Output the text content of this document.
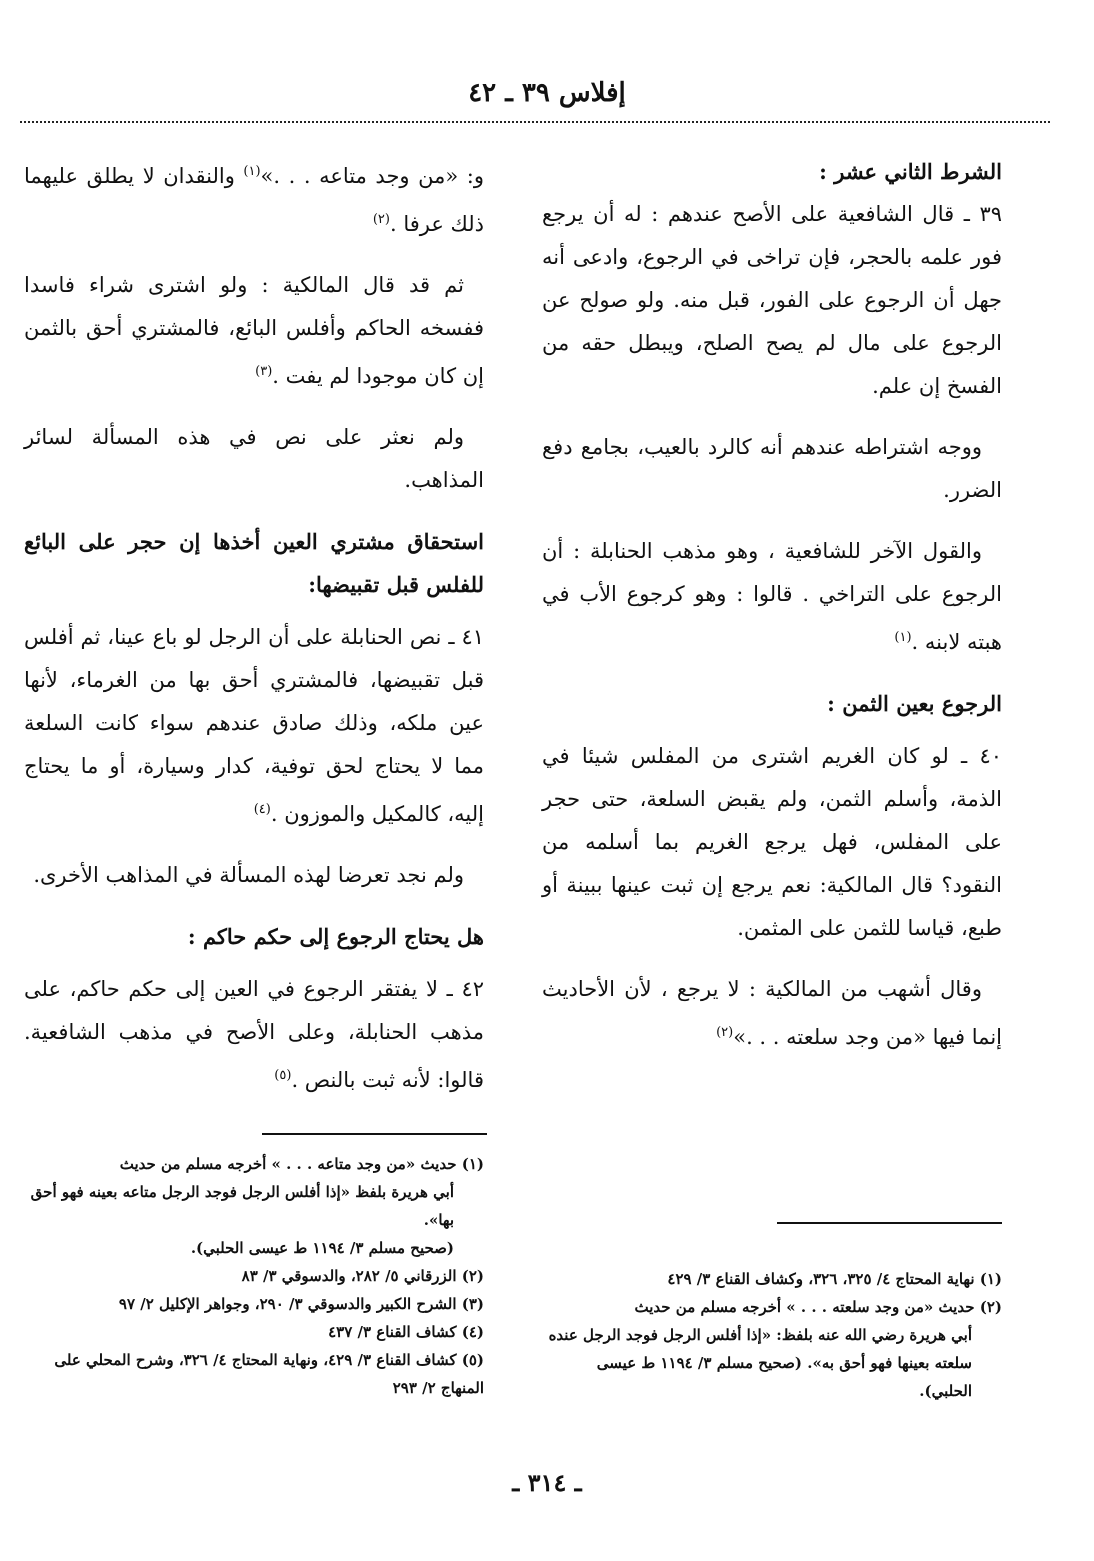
إفلاس ٣٩ ـ ٤٢
الشرط الثاني عشر :

٣٩ ـ قال الشافعية على الأصح عندهم : له أن يرجع فور علمه بالحجر، فإن تراخى في الرجوع، وادعى أنه جهل أن الرجوع على الفور، قبل منه. ولو صولح عن الرجوع على مال لم يصح الصلح، ويبطل حقه من الفسخ إن علم.

ووجه اشتراطه عندهم أنه كالرد بالعيب، بجامع دفع الضرر.

والقول الآخر للشافعية ، وهو مذهب الحنابلة : أن الرجوع على التراخي . قالوا : وهو كرجوع الأب في هبته لابنه .$^{(١)}$

الرجوع بعين الثمن :

٤٠ ـ لو كان الغريم اشترى من المفلس شيئا في الذمة، وأسلم الثمن، ولم يقبض السلعة، حتى حجر على المفلس، فهل يرجع الغريم بما أسلمه من النقود؟ قال المالكية: نعم يرجع إن ثبت عينها ببينة أو طبع، قياسا للثمن على المثمن.

وقال أشهب من المالكية : لا يرجع ، لأن الأحاديث إنما فيها «من وجد سلعته . . .»$^{(٢)}$

و: «من وجد متاعه . . .»$^{(١)}$ والنقدان لا يطلق عليهما ذلك عرفا .$^{(٢)}$

ثم قد قال المالكية : ولو اشترى شراء فاسدا ففسخه الحاكم وأفلس البائع، فالمشتري أحق بالثمن إن كان موجودا لم يفت .$^{(٣)}$

ولم نعثر على نص في هذه المسألة لسائر المذاهب.

استحقاق مشتري العين أخذها إن حجر على البائع للفلس قبل تقبيضها:

٤١ ـ نص الحنابلة على أن الرجل لو باع عينا، ثم أفلس قبل تقبيضها، فالمشتري أحق بها من الغرماء، لأنها عين ملكه، وذلك صادق عندهم سواء كانت السلعة مما لا يحتاج لحق توفية، كدار وسيارة، أو ما يحتاج إليه، كالمكيل والموزون .$^{(٤)}$

ولم نجد تعرضا لهذه المسألة في المذاهب الأخرى.

هل يحتاج الرجوع إلى حكم حاكم :

٤٢ ـ لا يفتقر الرجوع في العين إلى حكم حاكم، على مذهب الحنابلة، وعلى الأصح في مذهب الشافعية. قالوا: لأنه ثبت بالنص .$^{(٥)}$

(١) نهاية المحتاج ٤/ ٣٢٥، ٣٢٦، وكشاف القناع ٣/ ٤٢٩
(٢) حديث «من وجد سلعته . . . » أخرجه مسلم من حديث
أبي هريرة رضي الله عنه بلفظ: «إذا أفلس الرجل فوجد الرجل عنده سلعته بعينها فهو أحق به». (صحيح مسلم ٣/ ١١٩٤ ط عيسى الحلبي).
(١) حديث «من وجد متاعه . . . » أخرجه مسلم من حديث
أبي هريرة بلفظ «إذا أفلس الرجل فوجد الرجل متاعه بعينه فهو أحق بها».
(صحيح مسلم ٣/ ١١٩٤ ط عيسى الحلبي).
(٢) الزرقاني ٥/ ٢٨٢، والدسوقي ٣/ ٨٣
(٣) الشرح الكبير والدسوقي ٣/ ٢٩٠، وجواهر الإكليل ٢/ ٩٧
(٤) كشاف القناع ٣/ ٤٣٧
(٥) كشاف القناع ٣/ ٤٢٩، ونهاية المحتاج ٤/ ٣٢٦، وشرح المحلي على المنهاج ٢/ ٢٩٣
ـ ٣١٤ ـ
